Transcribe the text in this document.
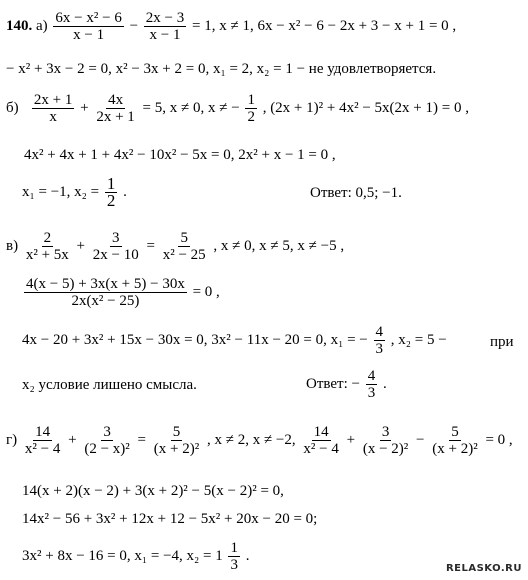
140. $а) \frac{\text{6x − x² − 6}}{x - 1} - \frac{2x - 3}{x - 1} = 1$, x ≠ 1, 6x − x² − 6 − 2x + 3 − x + 1 = 0 ,
− x² + 3x − 2 = 0, x² − 3x + 2 = 0, x₁ = 2, x₂ = 1 − не удовлетворяется.
$б) \frac{2x + 1}{x} + \frac{4x}{2x + 1} = 5$, x ≠ 0, x ≠ − $\frac{1}{2}$ , (2x + 1)² + 4x² − 5x(2x + 1) = 0 ,
4x² + 4x + 1 + 4x² − 10x² − 5x = 0, 2x² + x − 1 = 0 ,
x₁ = −1, $x_2 = \frac{1}{2}$ .	Ответ: 0,5; −1.
$в) \frac{2}{\text{x² + 5x}} + \frac{3}{2x - 10} = \frac{5}{\text{x² − 25}}$ , x ≠ 0, x ≠ 5, x ≠ −5 ,
$\frac{4(x - 5) + 3x(x + 5) - 30x}{\text{2x(x² − 25)}} = 0$ ,
4x − 20 + 3x² + 15x − 30x = 0, 3x² − 11x − 20 = 0, x₁ = − $\frac{4}{3}$ , x₂ = 5 −	при
x₂ условие лишено смысла.	Ответ: − $\frac{4}{3}$ .
$г) \frac{14}{\text{x² − 4}} + \frac{3}{\text{(2 − x)²}} = \frac{5}{\text{(x + 2)²}}$ , x ≠ 2, x ≠ −2, $\frac{14}{\text{x² − 4}} + \frac{3}{\text{(x − 2)²}} - \frac{5}{\text{(x + 2)²}} = 0$ ,
14(x + 2)(x − 2) + 3(x + 2)² − 5(x − 2)² = 0,
14x² − 56 + 3x² + 12x + 12 − 5x² + 20x − 20 = 0;
3x² + 8x − 16 = 0, x₁ = −4, $x_2 = 1 \frac{1}{3}$ .
RELASKO.RU
